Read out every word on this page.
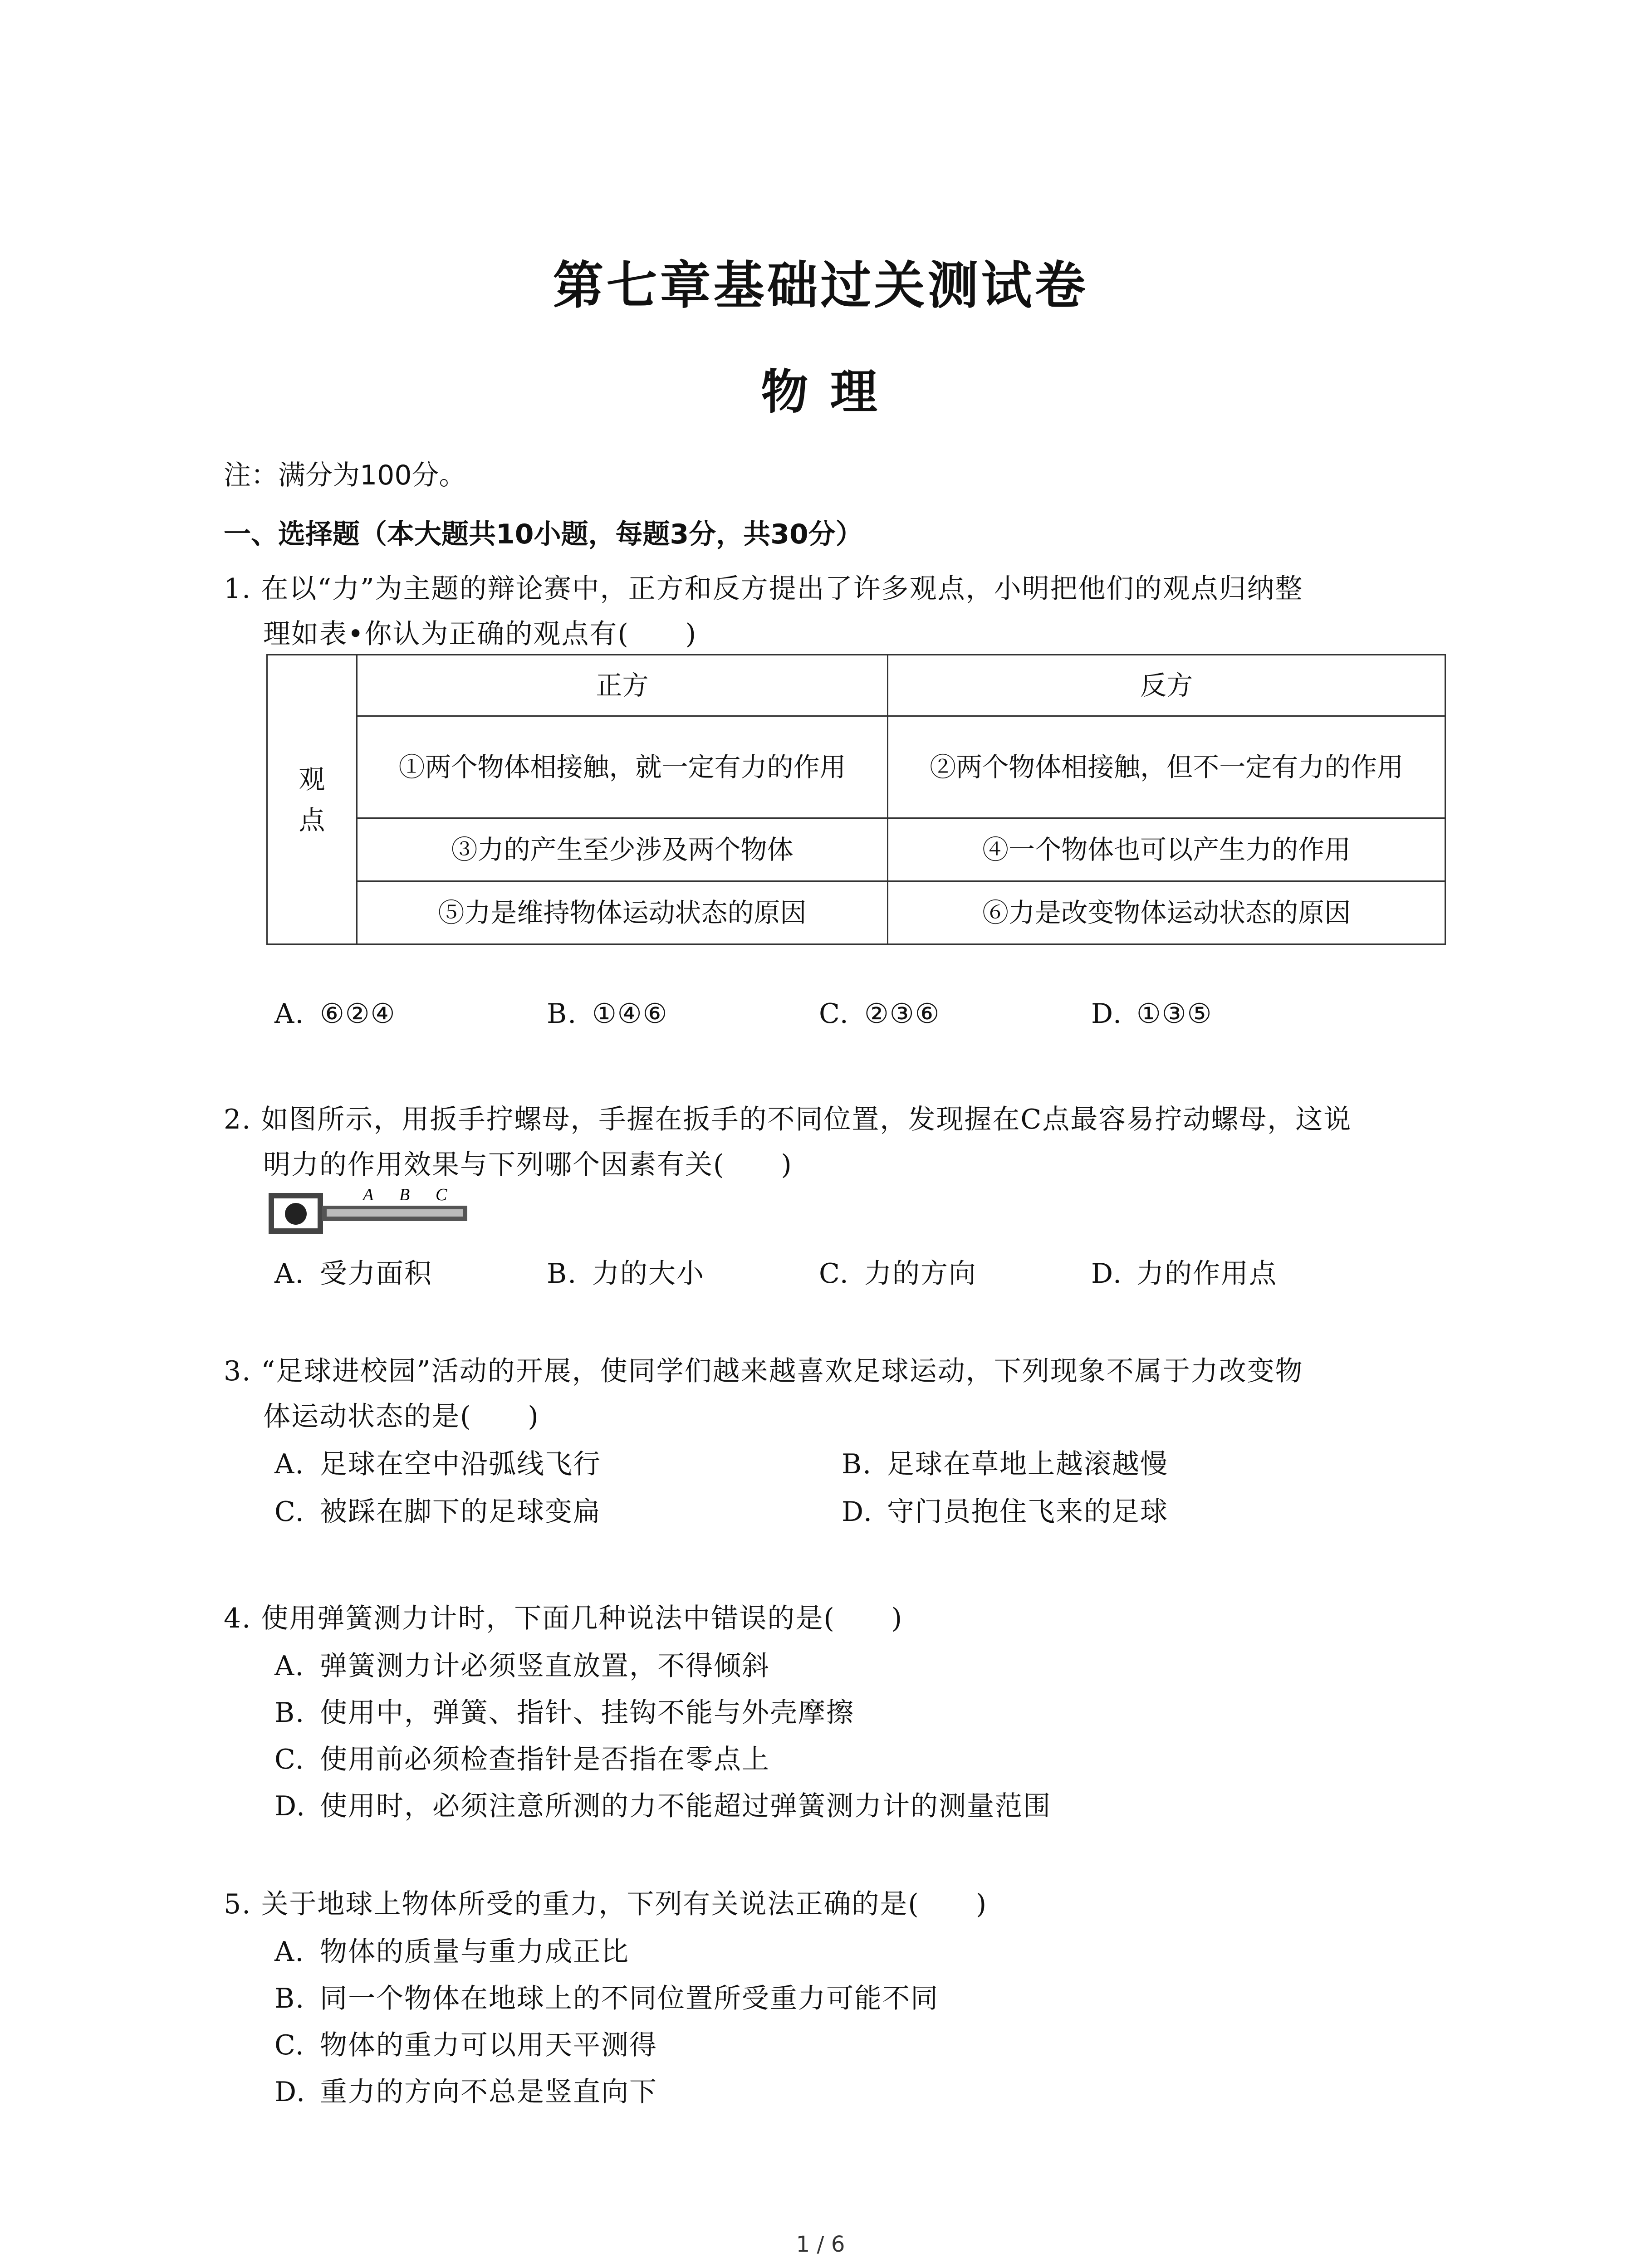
第七章基础过关测试卷
物 理
注：满分为100分。
一、选择题（本大题共10小题，每题3分，共30分）
1. 在以“力”为主题的辩论赛中，正方和反方提出了许多观点，小明把他们的观点归纳整
理如表•你认为正确的观点有(　　)
观点	正方	反方
	①两个物体相接触，就一定有力的作用	②两个物体相接触，但不一定有力的作用
	③力的产生至少涉及两个物体	④一个物体也可以产生力的作用
	⑤力是维持物体运动状态的原因	⑥力是改变物体运动状态的原因
A. ⑥②④	B. ①④⑥	C. ②③⑥	D. ①③⑤
2. 如图所示，用扳手拧螺母，手握在扳手的不同位置，发现握在C点最容易拧动螺母，这说
明力的作用效果与下列哪个因素有关(　　)
A B C
A. 受力面积	B. 力的大小	C. 力的方向	D. 力的作用点
3. “足球进校园”活动的开展，使同学们越来越喜欢足球运动，下列现象不属于力改变物
体运动状态的是(　　)
A. 足球在空中沿弧线飞行	B. 足球在草地上越滚越慢
C. 被踩在脚下的足球变扁	D. 守门员抱住飞来的足球
4. 使用弹簧测力计时，下面几种说法中错误的是(　　)
A. 弹簧测力计必须竖直放置，不得倾斜
B. 使用中，弹簧、指针、挂钩不能与外壳摩擦
C. 使用前必须检查指针是否指在零点上
D. 使用时，必须注意所测的力不能超过弹簧测力计的测量范围
5. 关于地球上物体所受的重力，下列有关说法正确的是(　　)
A. 物体的质量与重力成正比
B. 同一个物体在地球上的不同位置所受重力可能不同
C. 物体的重力可以用天平测得
D. 重力的方向不总是竖直向下
1 / 6
